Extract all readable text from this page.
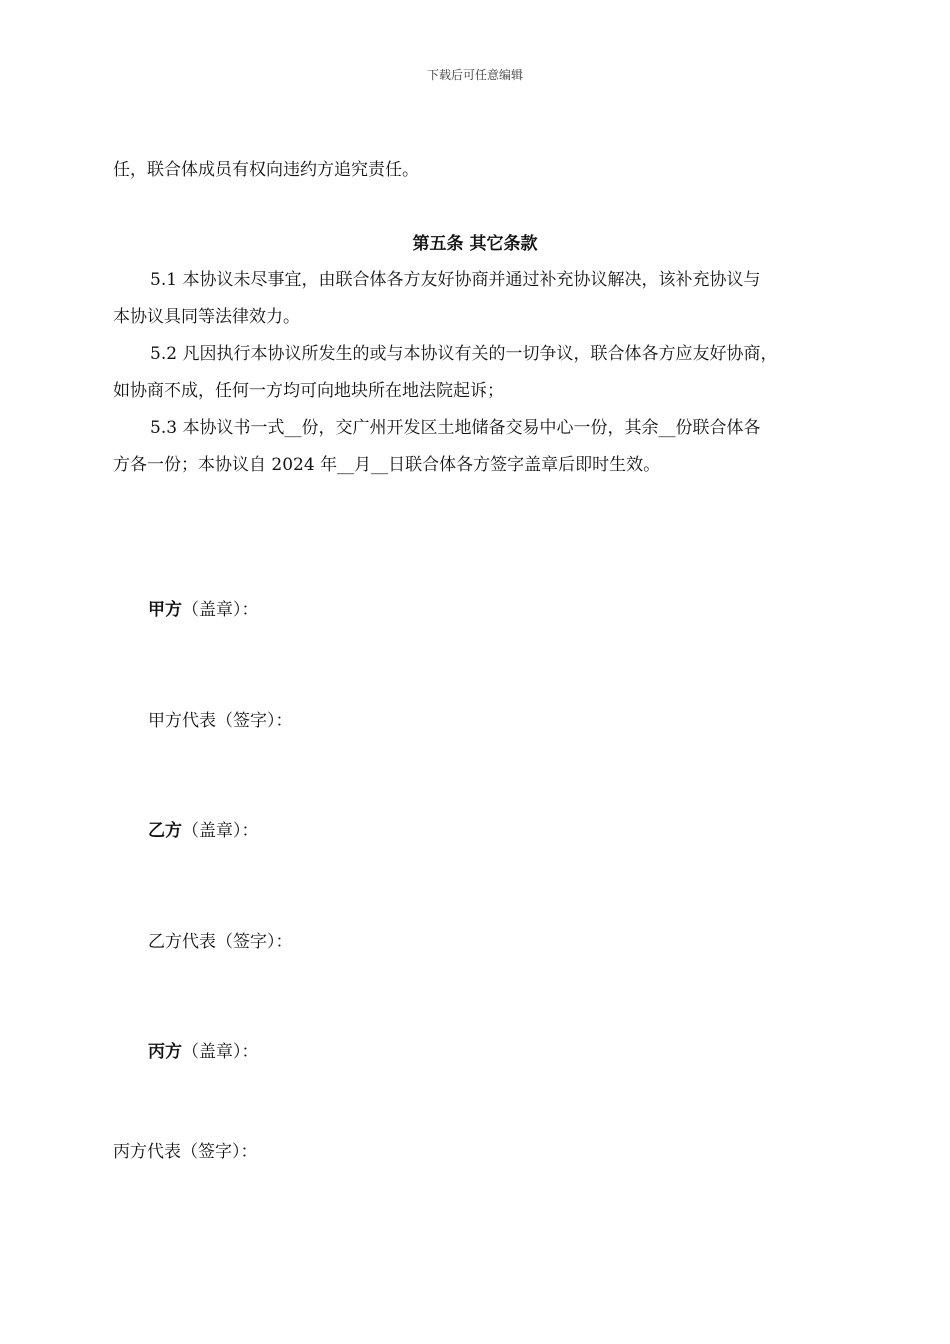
下载后可任意编辑
任，联合体成员有权向违约方追究责任。
第五条 其它条款
5.1 本协议未尽事宜，由联合体各方友好协商并通过补充协议解决，该补充协议与
本协议具同等法律效力。
5.2 凡因执行本协议所发生的或与本协议有关的一切争议，联合体各方应友好协商，
如协商不成，任何一方均可向地块所在地法院起诉；
5.3 本协议书一式__份，交广州开发区土地储备交易中心一份，其余__份联合体各
方各一份；本协议自 2024 年__月__日联合体各方签字盖章后即时生效。
甲方（盖章）：
甲方代表（签字）：
乙方（盖章）：
乙方代表（签字）：
丙方（盖章）：
丙方代表（签字）：
